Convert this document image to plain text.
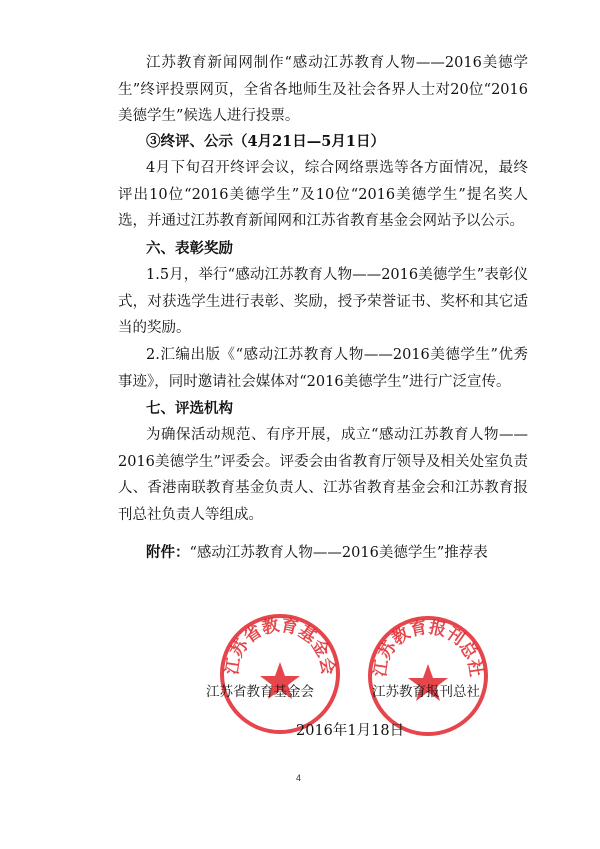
江苏教育新闻网制作“感动江苏教育人物——2016美德学生”终评投票网页，全省各地师生及社会各界人士对20位“2016美德学生”候选人进行投票。

③终评、公示（4月21日—5月1日）

4月下旬召开终评会议，综合网络票选等各方面情况，最终评出10位“2016美德学生”及10位“2016美德学生”提名奖人选，并通过江苏教育新闻网和江苏省教育基金会网站予以公示。

六、表彰奖励

1.5月，举行“感动江苏教育人物——2016美德学生”表彰仪式，对获选学生进行表彰、奖励，授予荣誉证书、奖杯和其它适当的奖励。

2.汇编出版《“感动江苏教育人物——2016美德学生”优秀事迹》，同时邀请社会媒体对“2016美德学生”进行广泛宣传。

七、评选机构

为确保活动规范、有序开展，成立“感动江苏教育人物——2016美德学生”评委会。评委会由省教育厅领导及相关处室负责人、香港南联教育基金负责人、江苏省教育基金会和江苏教育报刊总社负责人等组成。

附件：“感动江苏教育人物——2016美德学生”推荐表
江苏省教育基金会 江苏教育报刊总社
江苏省教育基金会	江苏教育报刊总社
2016年1月18日
4
